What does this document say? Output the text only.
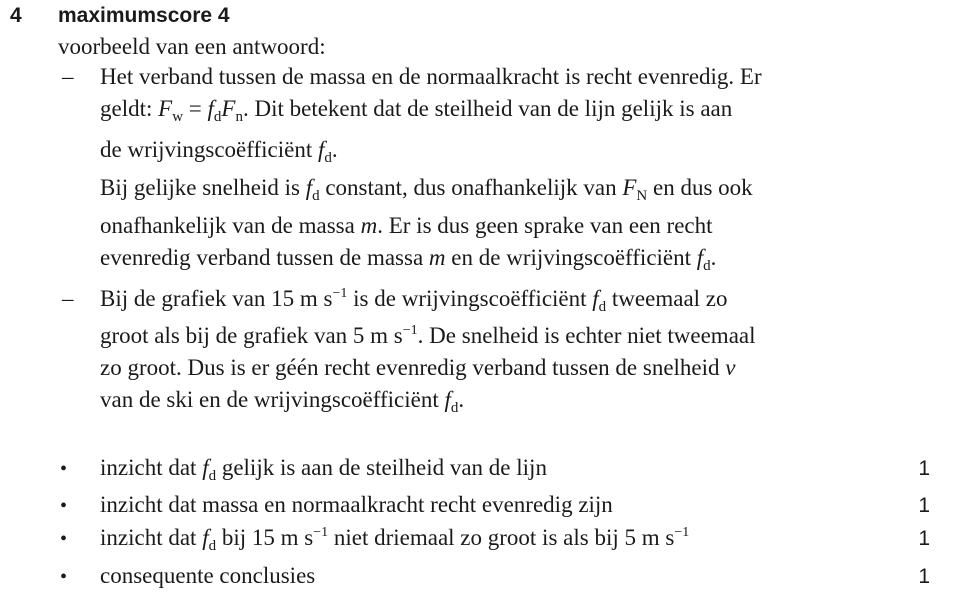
4 maximumscore 4
voorbeeld van een antwoord:
– Het verband tussen de massa en de normaalkracht is recht evenredig. Er
geldt: $F_w = f_dF_n$. Dit betekent dat de steilheid van de lijn gelijk is aan
de wrijvingscoëfficiënt $f_d$.
Bij gelijke snelheid is $f_d$ constant, dus onafhankelijk van $F_N$ en dus ook
onafhankelijk van de massa m. Er is dus geen sprake van een recht
evenredig verband tussen de massa m en de wrijvingscoëfficiënt $f_d$.
– Bij de grafiek van 15 m $s^{-1}$ is de wrijvingscoëfficiënt $f_d$ tweemaal zo
groot als bij de grafiek van 5 m $s^{-1}$. De snelheid is echter niet tweemaal
zo groot. Dus is er géén recht evenredig verband tussen de snelheid v
van de ski en de wrijvingscoëfficiënt $f_d$.
• inzicht dat $f_d$ gelijk is aan de steilheid van de lijn	1
• inzicht dat massa en normaalkracht recht evenredig zijn	1
• inzicht dat $f_d$ bij 15 m $s^{-1}$ niet driemaal zo groot is als bij 5 m $s^{-1}$	1
• consequente conclusies	1
